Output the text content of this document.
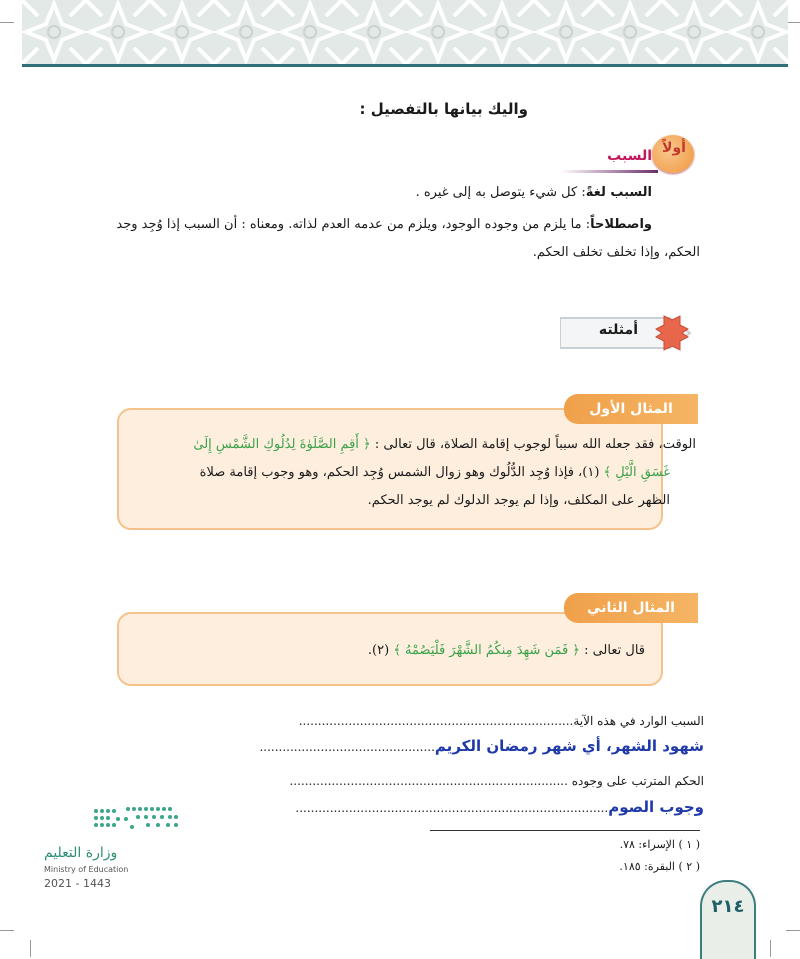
واليك بيانها بالتفصيل :
أولاً
السبب
السبب لغةً: كل شيء يتوصل به إلى غيره .
واصطلاحاً: ما يلزم من وجوده الوجود، ويلزم من عدمه العدم لذاته. ومعناه : أن السبب إذا وُجِد وجد
الحكم، وإذا تخلف تخلف الحكم.
أمثلته
المثال الأول
الوقت، فقد جعله الله سبباً لوجوب إقامة الصلاة، قال تعالى : ﴿ أَقِمِ الصَّلَوٰةَ لِدُلُوكِ الشَّمْسِ إِلَىٰ
غَسَقِ الَّيْلِ ﴾ (١)، فإذا وُجِد الدُّلُوك وهو زوال الشمس وُجِد الحكم، وهو وجوب إقامة صلاة
الظهر على المكلف، وإذا لم يوجد الدلوك لم يوجد الحكم.
المثال الثاني
قال تعالى : ﴿ فَمَن شَهِدَ مِنكُمُ الشَّهْرَ فَلْيَصُمْهُ ﴾ (٢).
السبب الوارد في هذه الآية........................................................................
شهود الشهر، أي شهر رمضان الكريم..............................................
الحكم المترتب على وجوده .........................................................................
وجوب الصوم..................................................................................
( ١ ) الإسراء: ٧٨.
( ٢ ) البقرة: ١٨٥.
وزارة التعليم
Ministry of Education
2021 - 1443
٢١٤
